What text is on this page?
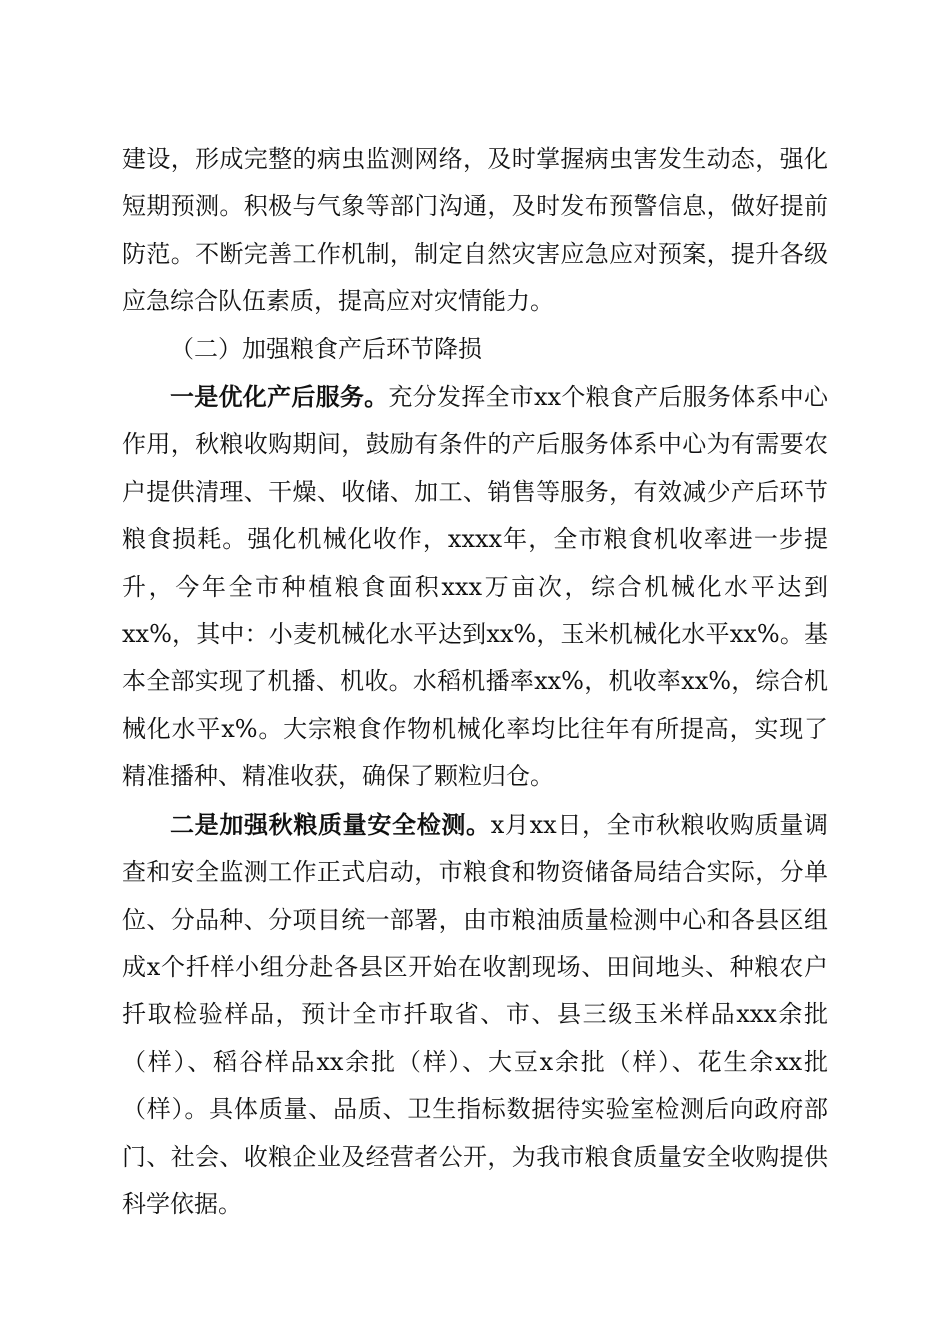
建设，形成完整的病虫监测网络，及时掌握病虫害发生动态，强化短期预测。积极与气象等部门沟通，及时发布预警信息，做好提前防范。不断完善工作机制，制定自然灾害应急应对预案，提升各级应急综合队伍素质，提高应对灾情能力。

（二）加强粮食产后环节降损

一是优化产后服务。充分发挥全市xx个粮食产后服务体系中心作用，秋粮收购期间，鼓励有条件的产后服务体系中心为有需要农户提供清理、干燥、收储、加工、销售等服务，有效减少产后环节粮食损耗。强化机械化收作，xxxx年，全市粮食机收率进一步提升，今年全市种植粮食面积xxx万亩次，综合机械化水平达到xx%，其中：小麦机械化水平达到xx%，玉米机械化水平xx%。基本全部实现了机播、机收。水稻机播率xx%，机收率xx%，综合机械化水平x%。大宗粮食作物机械化率均比往年有所提高，实现了精准播种、精准收获，确保了颗粒归仓。

二是加强秋粮质量安全检测。x月xx日，全市秋粮收购质量调查和安全监测工作正式启动，市粮食和物资储备局结合实际，分单位、分品种、分项目统一部署，由市粮油质量检测中心和各县区组成x个扦样小组分赴各县区开始在收割现场、田间地头、种粮农户扦取检验样品，预计全市扦取省、市、县三级玉米样品xxx余批（样）、稻谷样品xx余批（样）、大豆x余批（样）、花生余xx批（样）。具体质量、品质、卫生指标数据待实验室检测后向政府部门、社会、收粮企业及经营者公开，为我市粮食质量安全收购提供科学依据。
